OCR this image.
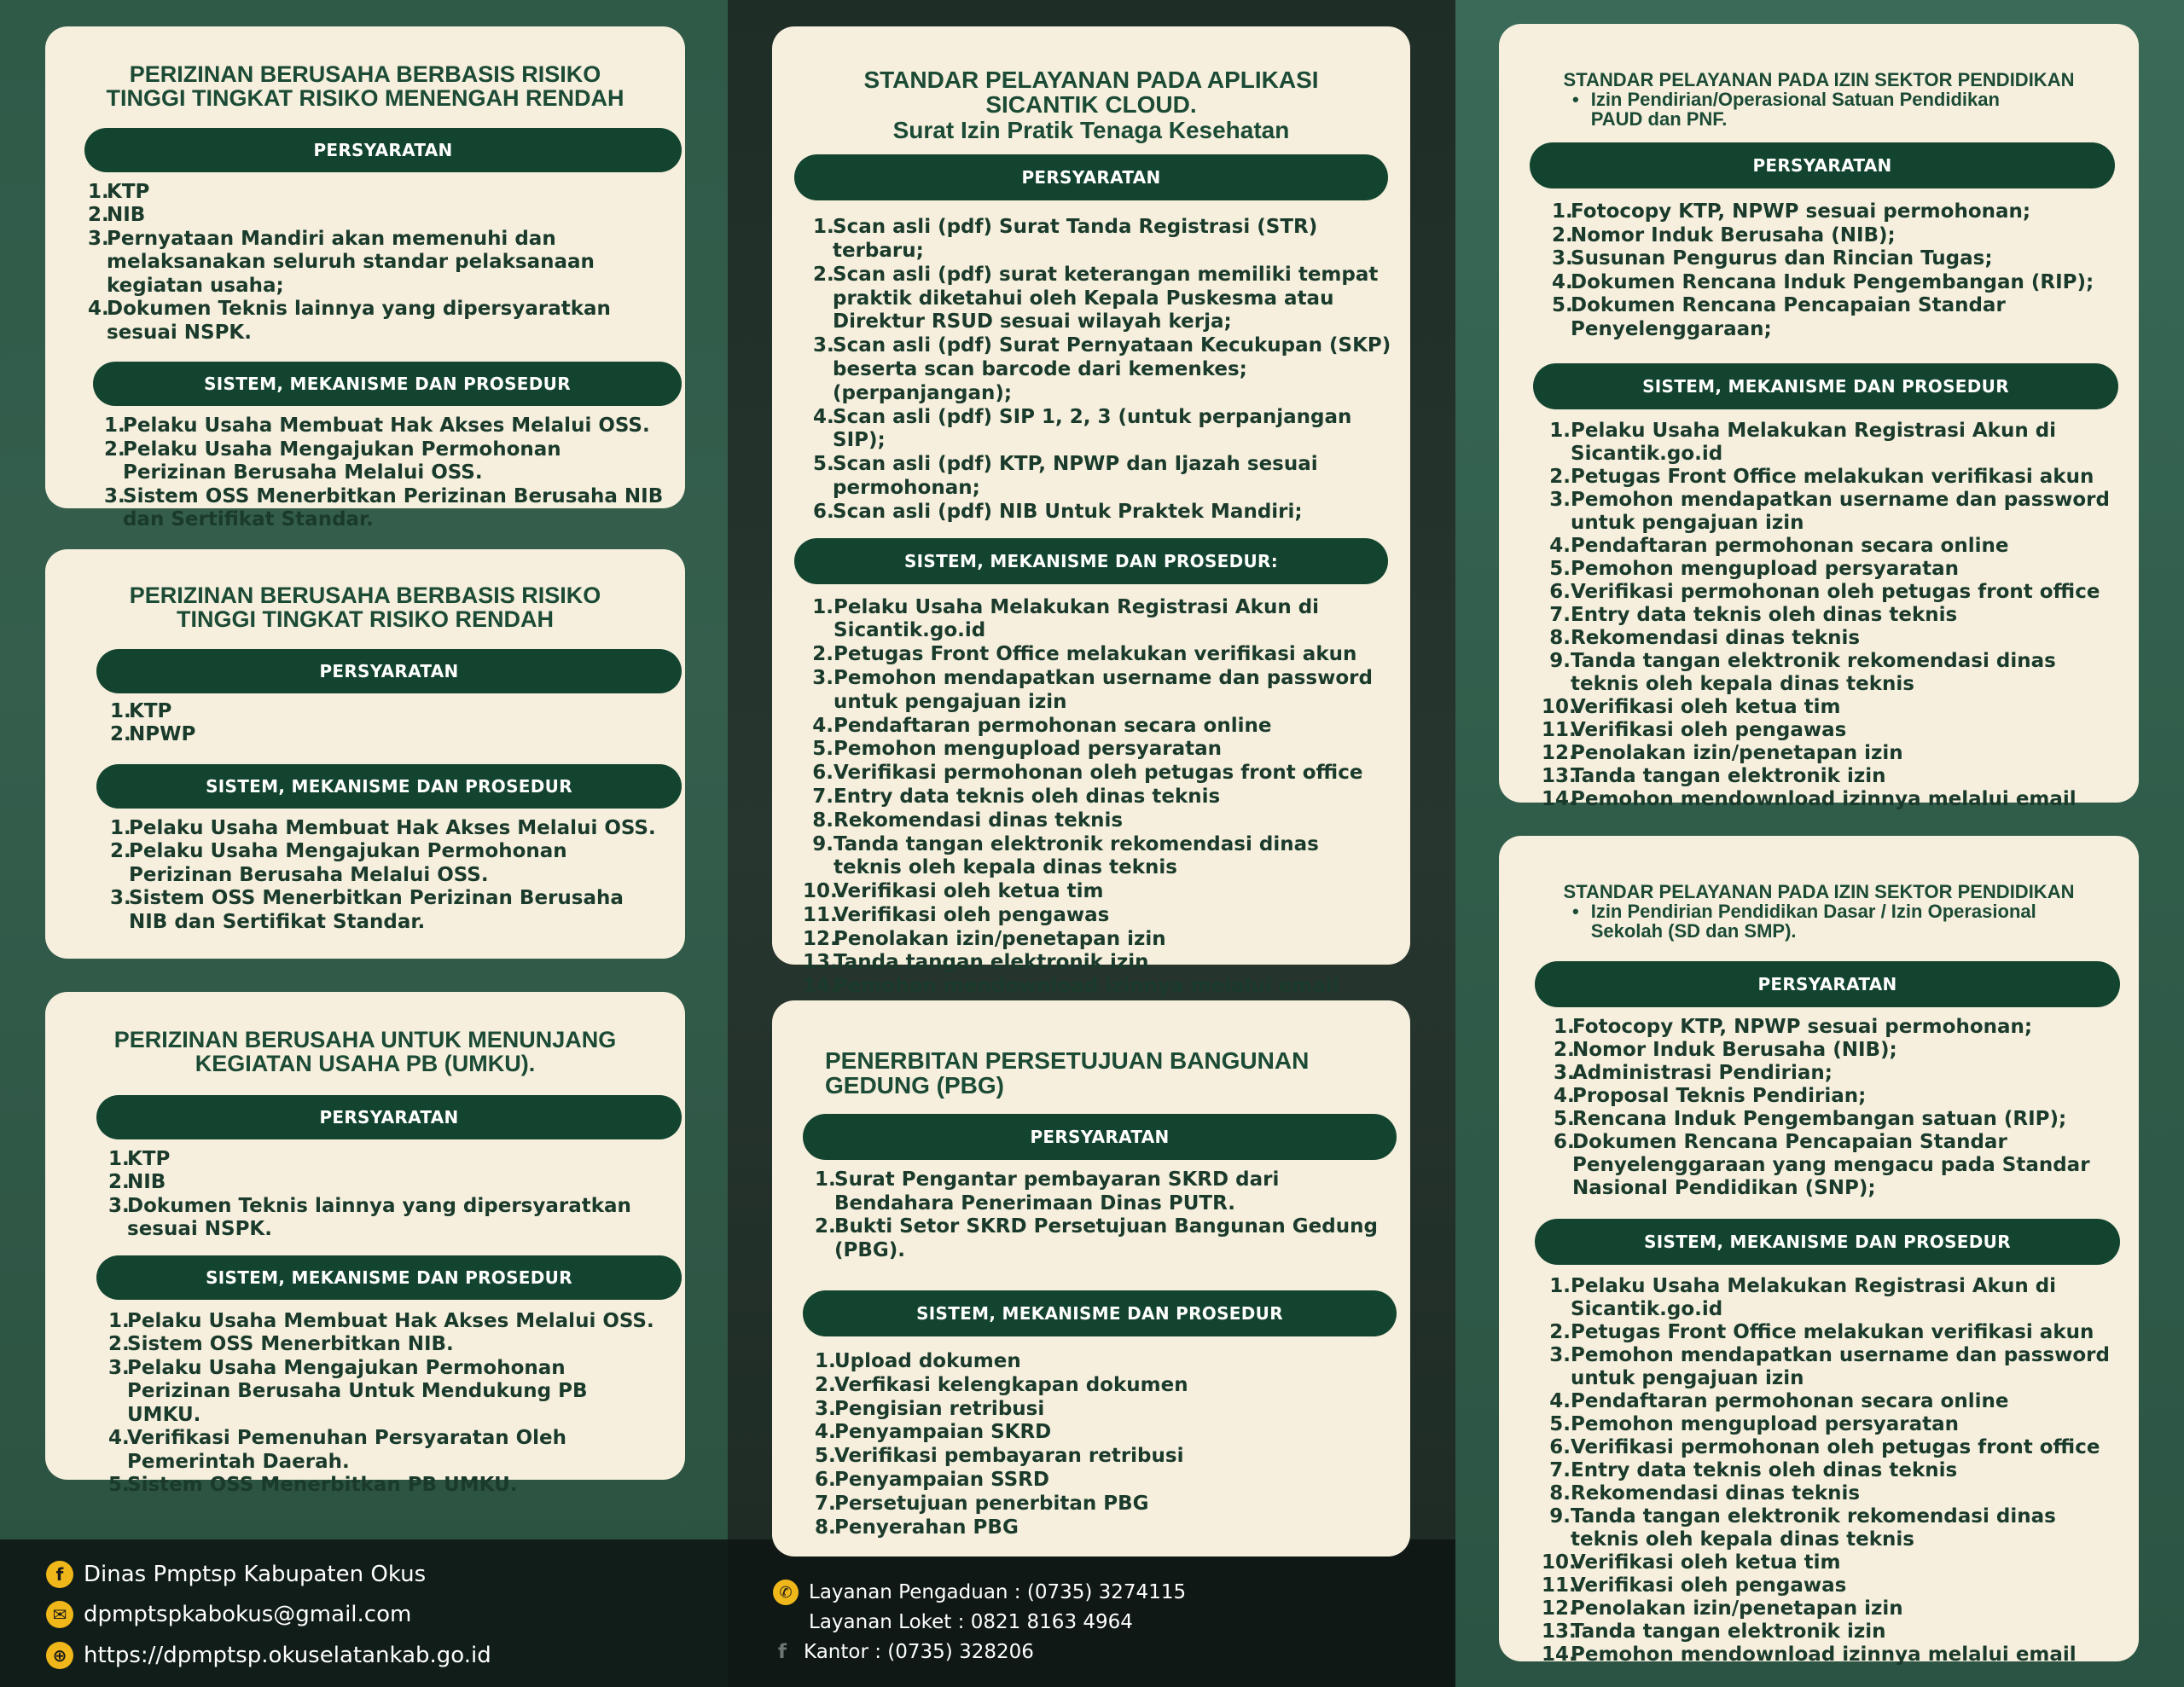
PERIZINAN BERUSAHA BERBASIS RISIKO TINGGI TINGKAT RISIKO MENENGAH RENDAH
PERSYARATAN
1.
KTP
2.
NIB
3.
Pernyataan Mandiri akan memenuhi dan melaksanakan seluruh standar pelaksanaan kegiatan usaha;
4.
Dokumen Teknis lainnya yang dipersyaratkan sesuai NSPK.
SISTEM, MEKANISME DAN PROSEDUR
1.
Pelaku Usaha Membuat Hak Akses Melalui OSS.
2.
Pelaku Usaha Mengajukan Permohonan Perizinan Berusaha Melalui OSS.
3.
Sistem OSS Menerbitkan Perizinan Berusaha NIB dan Sertifikat Standar.
PERIZINAN BERUSAHA BERBASIS RISIKO TINGGI TINGKAT RISIKO RENDAH
PERSYARATAN
1.
KTP
2.
NPWP
SISTEM, MEKANISME DAN PROSEDUR
1.
Pelaku Usaha Membuat Hak Akses Melalui OSS.
2.
Pelaku Usaha Mengajukan Permohonan Perizinan Berusaha Melalui OSS.
3.
Sistem OSS Menerbitkan Perizinan Berusaha NIB dan Sertifikat Standar.
PERIZINAN BERUSAHA UNTUK MENUNJANG KEGIATAN USAHA PB (UMKU).
PERSYARATAN
1.
KTP
2.
NIB
3.
Dokumen Teknis lainnya yang dipersyaratkan sesuai NSPK.
SISTEM, MEKANISME DAN PROSEDUR
1.
Pelaku Usaha Membuat Hak Akses Melalui OSS.
2.
Sistem OSS Menerbitkan NIB.
3.
Pelaku Usaha Mengajukan Permohonan Perizinan Berusaha Untuk Mendukung PB UMKU.
4.
Verifikasi Pemenuhan Persyaratan Oleh Pemerintah Daerah.
5.
Sistem OSS Menerbitkan PB UMKU.
STANDAR PELAYANAN PADA APLIKASI
SICANTIK CLOUD.
Surat Izin Pratik Tenaga Kesehatan
PERSYARATAN
1.
Scan asli (pdf) Surat Tanda Registrasi (STR) terbaru;
2.
Scan asli (pdf) surat keterangan memiliki tempat praktik diketahui oleh Kepala Puskesma atau Direktur RSUD sesuai wilayah kerja;
3.
Scan asli (pdf) Surat Pernyataan Kecukupan (SKP) beserta scan barcode dari kemenkes; (perpanjangan);
4.
Scan asli (pdf) SIP 1, 2, 3 (untuk perpanjangan SIP);
5.
Scan asli (pdf) KTP, NPWP dan Ijazah sesuai permohonan;
6.
Scan asli (pdf) NIB Untuk Praktek Mandiri;
SISTEM, MEKANISME DAN PROSEDUR:
1. Pelaku Usaha Melakukan Registrasi Akun di Sicantik.go.id
2. Petugas Front Office melakukan verifikasi akun
3. Pemohon mendapatkan username dan password untuk pengajuan izin
4. Pendaftaran permohonan secara online
5. Pemohon mengupload persyaratan
6. Verifikasi permohonan oleh petugas front office
7. Entry data teknis oleh dinas teknis
8. Rekomendasi dinas teknis
9. Tanda tangan elektronik rekomendasi dinas teknis oleh kepala dinas teknis
10.
Verifikasi oleh ketua tim
11.
Verifikasi oleh pengawas
12.
Penolakan izin/penetapan izin
13.
Tanda tangan elektronik izin
14.
Pemohon mendownload izinnya melalui email
PENERBITAN PERSETUJUAN BANGUNAN GEDUNG (PBG)
PERSYARATAN
1.
Surat Pengantar pembayaran SKRD dari Bendahara Penerimaan Dinas PUTR.
2.
Bukti Setor SKRD Persetujuan Bangunan Gedung (PBG).
SISTEM, MEKANISME DAN PROSEDUR
1.
Upload dokumen
2.
Verfikasi kelengkapan dokumen
3.
Pengisian retribusi
4.
Penyampaian SKRD
5.
Verifikasi pembayaran retribusi
6.
Penyampaian SSRD
7.
Persetujuan penerbitan PBG
8.
Penyerahan PBG
STANDAR PELAYANAN PADA IZIN SEKTOR PENDIDIKAN
• Izin Pendirian/Operasional Satuan Pendidikan PAUD dan PNF.
PERSYARATAN
1.
Fotocopy KTP, NPWP sesuai permohonan;
2.
Nomor Induk Berusaha (NIB);
3.
Susunan Pengurus dan Rincian Tugas;
4.
Dokumen Rencana Induk Pengembangan (RIP);
5.
Dokumen Rencana Pencapaian Standar Penyelenggaraan;
SISTEM, MEKANISME DAN PROSEDUR
1. Pelaku Usaha Melakukan Registrasi Akun di Sicantik.go.id
2. Petugas Front Office melakukan verifikasi akun
3. Pemohon mendapatkan username dan password untuk pengajuan izin
4. Pendaftaran permohonan secara online
5. Pemohon mengupload persyaratan
6. Verifikasi permohonan oleh petugas front office
7. Entry data teknis oleh dinas teknis
8. Rekomendasi dinas teknis
9. Tanda tangan elektronik rekomendasi dinas teknis oleh kepala dinas teknis
10.
Verifikasi oleh ketua tim
11.
Verifikasi oleh pengawas
12.
Penolakan izin/penetapan izin
13.
Tanda tangan elektronik izin
14.
Pemohon mendownload izinnya melalui email
STANDAR PELAYANAN PADA IZIN SEKTOR PENDIDIKAN
• Izin Pendirian Pendidikan Dasar / Izin Operasional Sekolah (SD dan SMP).
PERSYARATAN
1.
Fotocopy KTP, NPWP sesuai permohonan;
2.
Nomor Induk Berusaha (NIB);
3.
Administrasi Pendirian;
4.
Proposal Teknis Pendirian;
5.
Rencana Induk Pengembangan satuan (RIP);
6.
Dokumen Rencana Pencapaian Standar Penyelenggaraan yang mengacu pada Standar Nasional Pendidikan (SNP);
SISTEM, MEKANISME DAN PROSEDUR
1. Pelaku Usaha Melakukan Registrasi Akun di Sicantik.go.id
2. Petugas Front Office melakukan verifikasi akun
3. Pemohon mendapatkan username dan password untuk pengajuan izin
4. Pendaftaran permohonan secara online
5. Pemohon mengupload persyaratan
6. Verifikasi permohonan oleh petugas front office
7. Entry data teknis oleh dinas teknis
8. Rekomendasi dinas teknis
9. Tanda tangan elektronik rekomendasi dinas teknis oleh kepala dinas teknis
10.
Verifikasi oleh ketua tim
11.
Verifikasi oleh pengawas
12.
Penolakan izin/penetapan izin
13.
Tanda tangan elektronik izin
14.
Pemohon mendownload izinnya melalui email
f Dinas Pmptsp Kabupaten Okus
✉ dpmptspkabokus@gmail.com
⊕ https://dpmptsp.okuselatankab.go.id
✆ Layanan Pengaduan : (0735) 3274115
Layanan Loket : 0821 8163 4964
f Kantor : (0735) 328206
